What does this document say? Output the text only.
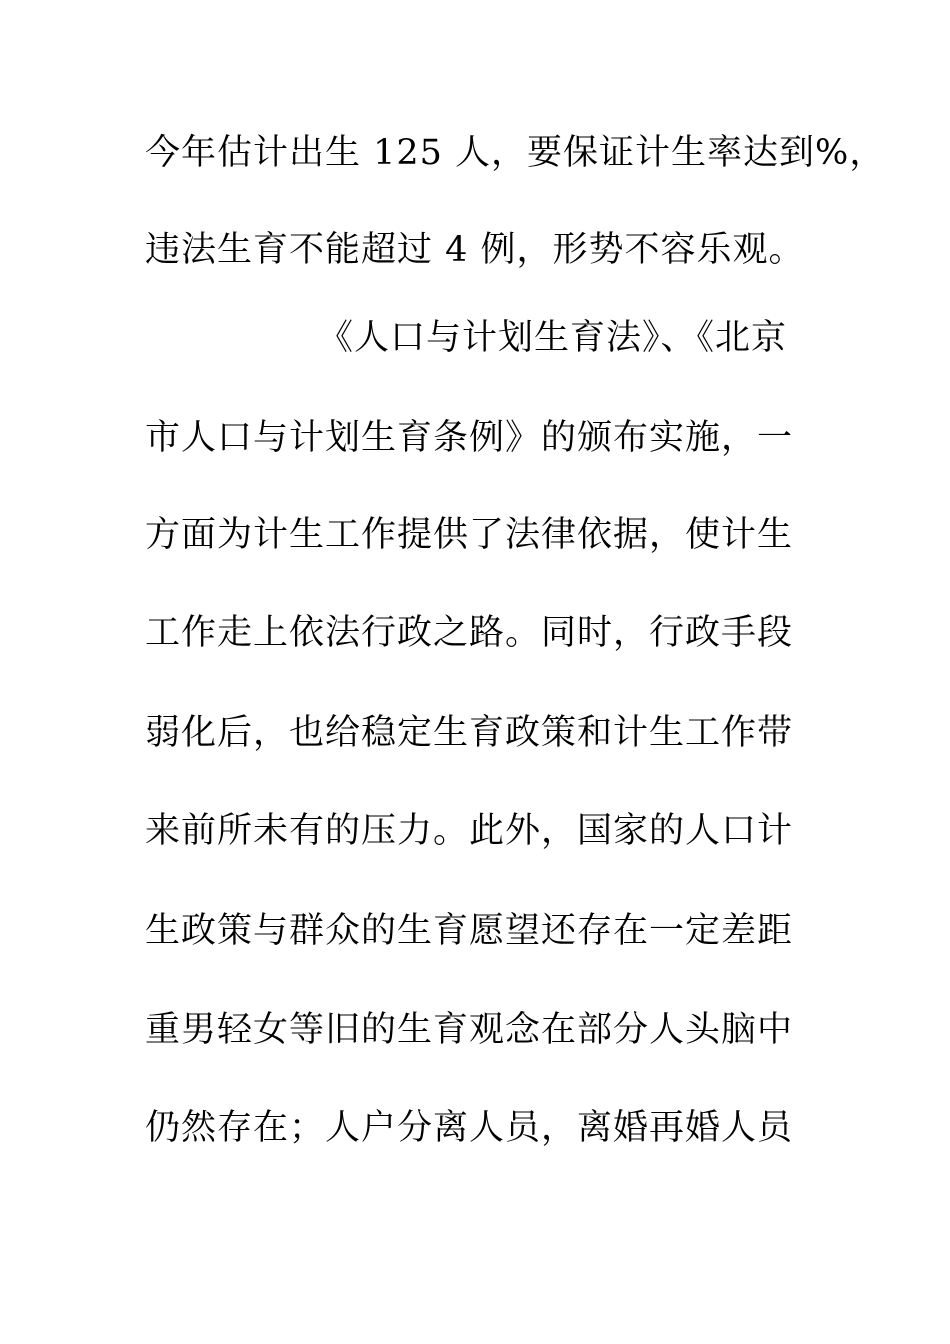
今年估计出生 125 人，要保证计生率达到%，
违法生育不能超过 4 例，形势不容乐观。
《人口与计划生育法》、《北京
市人口与计划生育条例》的颁布实施，一
方面为计生工作提供了法律依据，使计生
工作走上依法行政之路。同时，行政手段
弱化后，也给稳定生育政策和计生工作带
来前所未有的压力。此外，国家的人口计
生政策与群众的生育愿望还存在一定差距
重男轻女等旧的生育观念在部分人头脑中
仍然存在；人户分离人员，离婚再婚人员
